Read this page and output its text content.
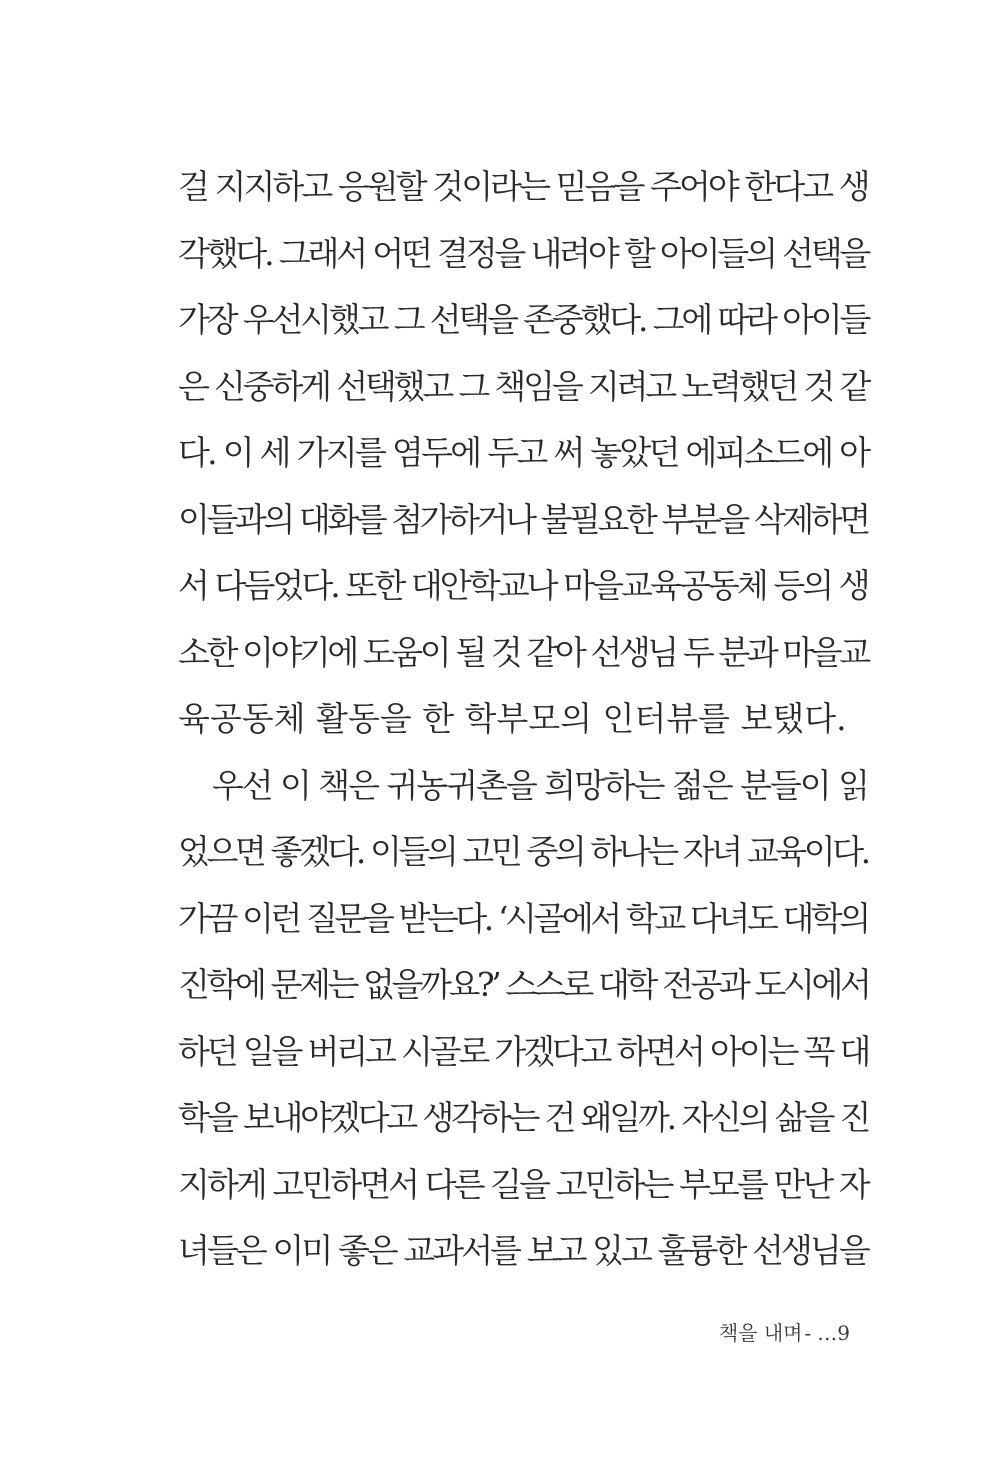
걸 지지하고 응원할 것이라는 믿음을 주어야 한다고 생
각했다. 그래서 어떤 결정을 내려야 할 아이들의 선택을
가장 우선시했고 그 선택을 존중했다. 그에 따라 아이들
은 신중하게 선택했고 그 책임을 지려고 노력했던 것 같
다. 이 세 가지를 염두에 두고 써 놓았던 에피소드에 아
이들과의 대화를 첨가하거나 불필요한 부분을 삭제하면
서 다듬었다. 또한 대안학교나 마을교육공동체 등의 생
소한 이야기에 도움이 될 것 같아 선생님 두 분과 마을교
육공동체 활동을 한 학부모의 인터뷰를 보탰다.
우선 이 책은 귀농귀촌을 희망하는 젊은 분들이 읽
었으면 좋겠다. 이들의 고민 중의 하나는 자녀 교육이다.
가끔 이런 질문을 받는다. ‘시골에서 학교 다녀도 대학의
진학에 문제는 없을까요?’ 스스로 대학 전공과 도시에서
하던 일을 버리고 시골로 가겠다고 하면서 아이는 꼭 대
학을 보내야겠다고 생각하는 건 왜일까. 자신의 삶을 진
지하게 고민하면서 다른 길을 고민하는 부모를 만난 자
녀들은 이미 좋은 교과서를 보고 있고 훌륭한 선생님을
책을 내며 - …9
